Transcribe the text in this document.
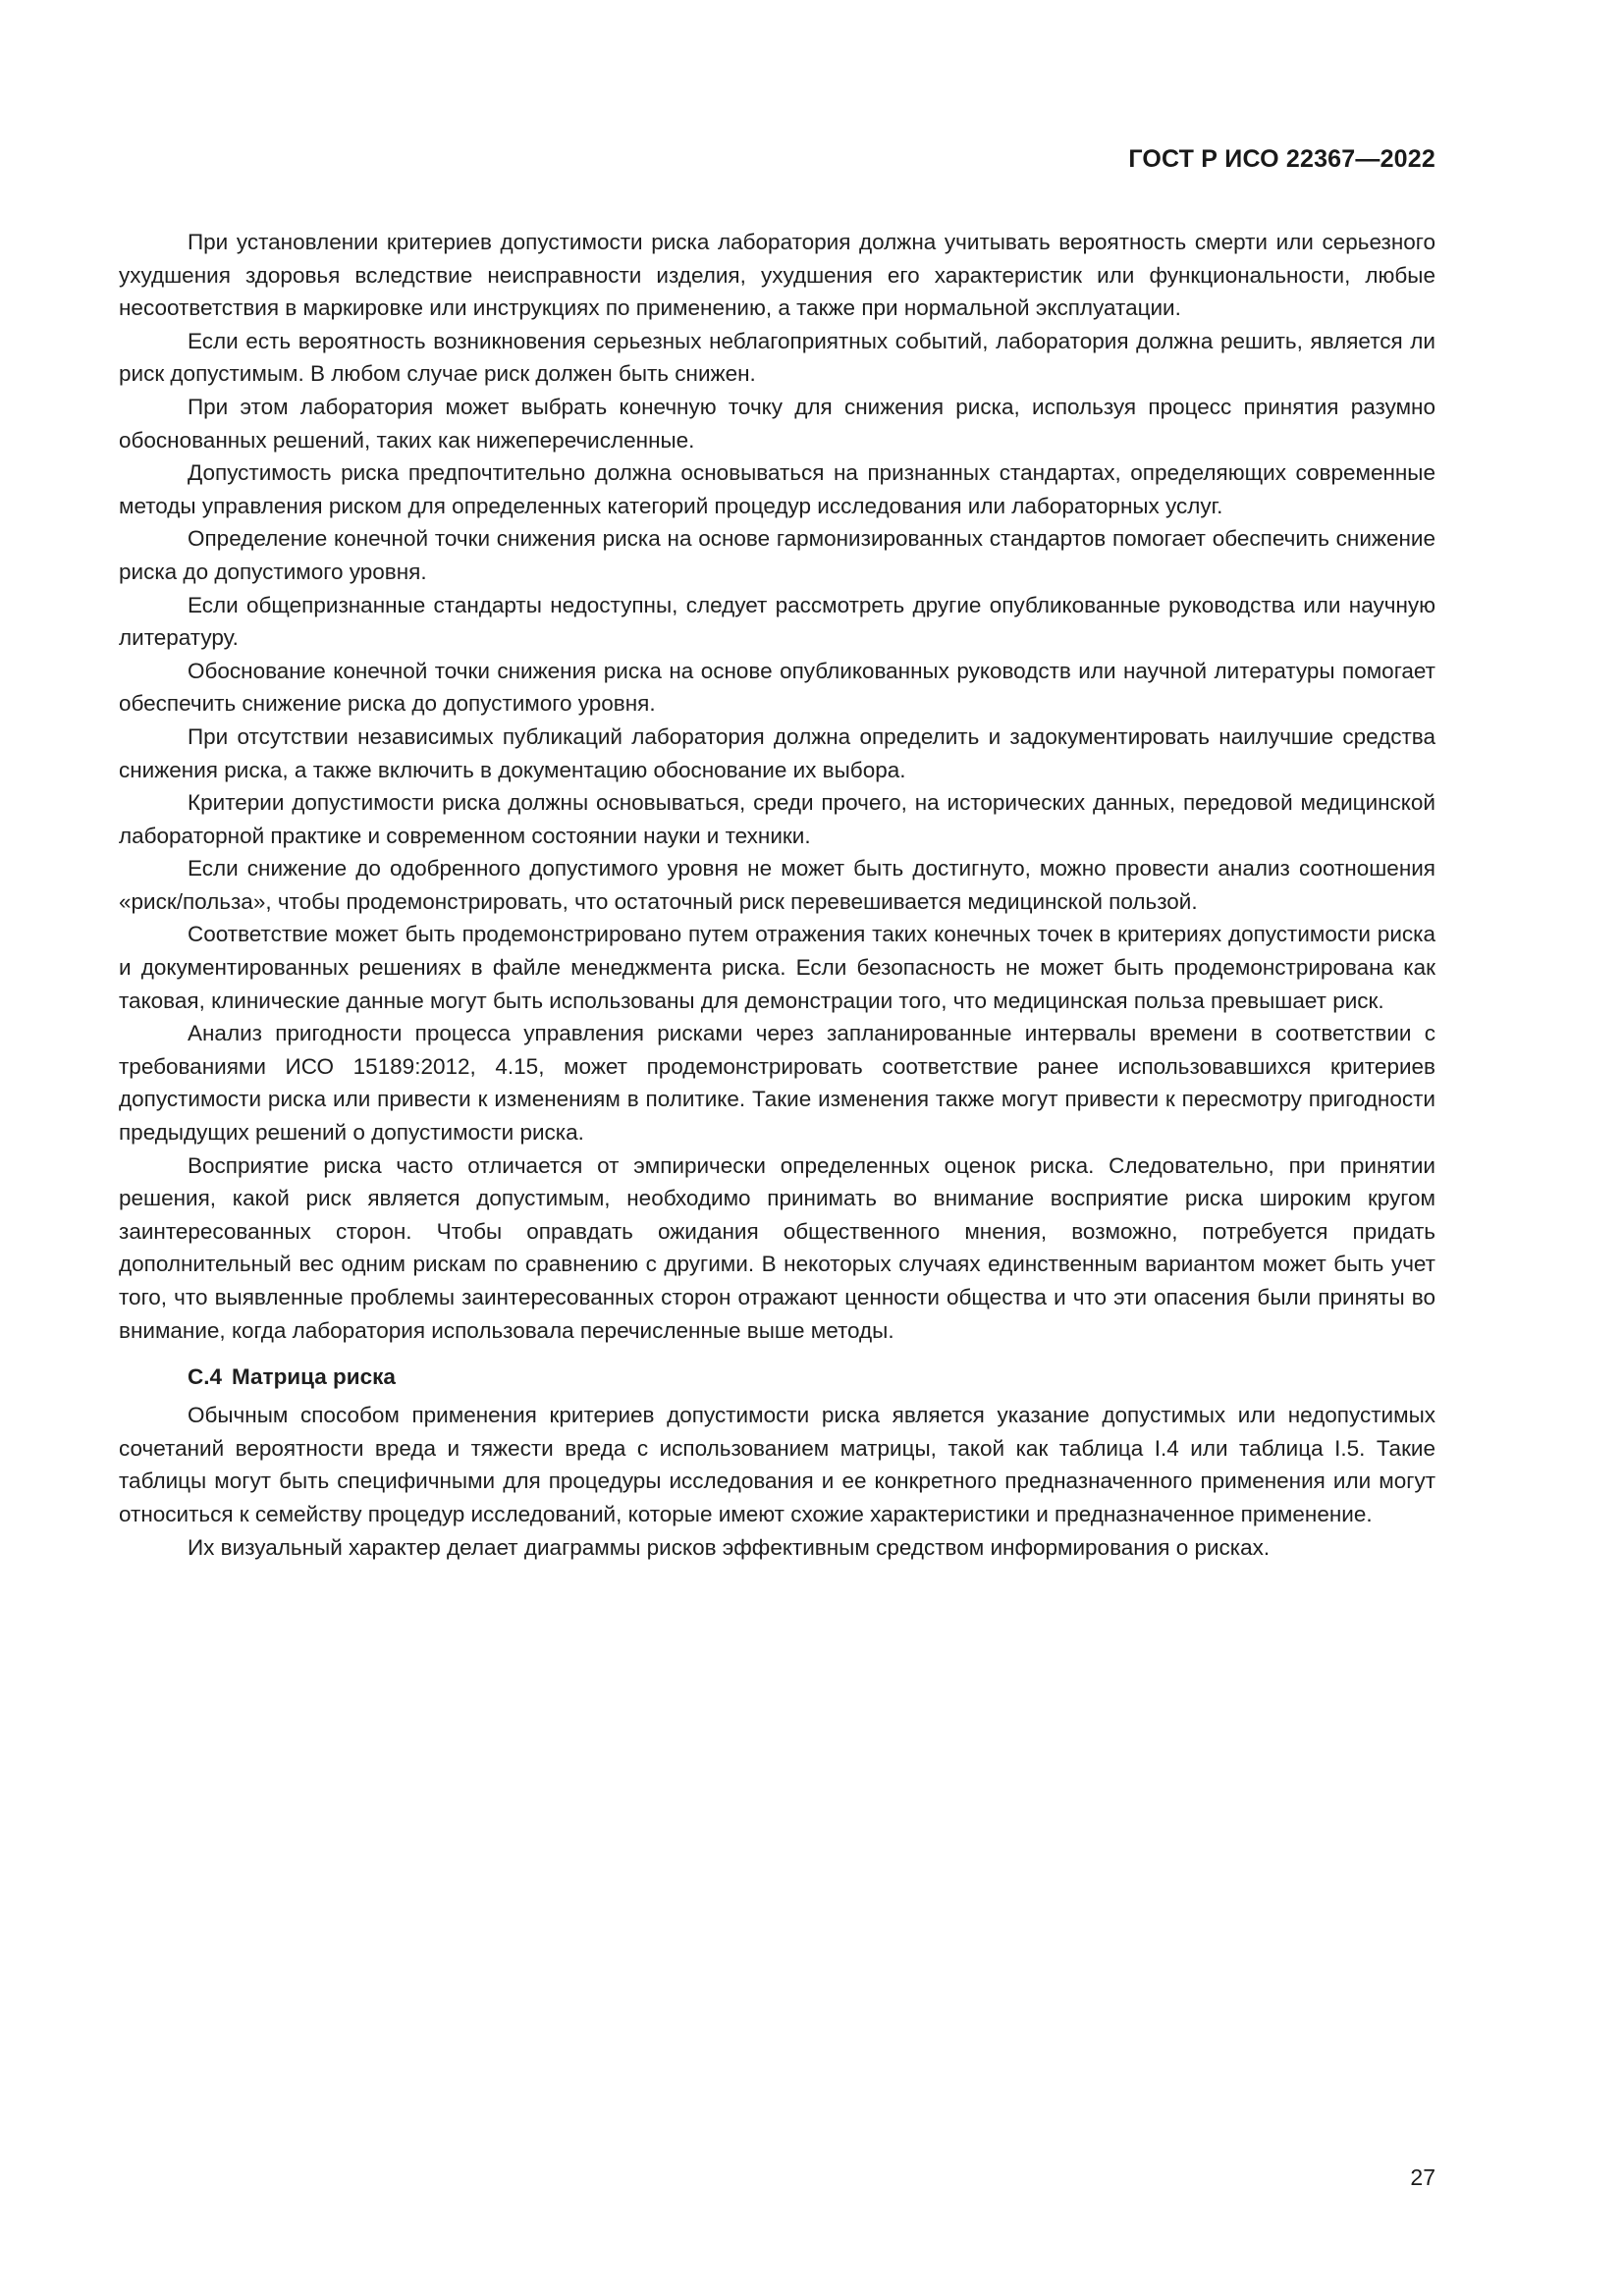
ГОСТ Р ИСО 22367—2022

При установлении критериев допустимости риска лаборатория должна учитывать вероятность смерти или серьезного ухудшения здоровья вследствие неисправности изделия, ухудшения его характеристик или функциональности, любые несоответствия в маркировке или инструкциях по применению, а также при нормальной эксплуатации.

Если есть вероятность возникновения серьезных неблагоприятных событий, лаборатория должна решить, является ли риск допустимым. В любом случае риск должен быть снижен.

При этом лаборатория может выбрать конечную точку для снижения риска, используя процесс принятия разумно обоснованных решений, таких как нижеперечисленные.

Допустимость риска предпочтительно должна основываться на признанных стандартах, определяющих современные методы управления риском для определенных категорий процедур исследования или лабораторных услуг.

Определение конечной точки снижения риска на основе гармонизированных стандартов помогает обеспечить снижение риска до допустимого уровня.

Если общепризнанные стандарты недоступны, следует рассмотреть другие опубликованные руководства или научную литературу.

Обоснование конечной точки снижения риска на основе опубликованных руководств или научной литературы помогает обеспечить снижение риска до допустимого уровня.

При отсутствии независимых публикаций лаборатория должна определить и задокументировать наилучшие средства снижения риска, а также включить в документацию обоснование их выбора.

Критерии допустимости риска должны основываться, среди прочего, на исторических данных, передовой медицинской лабораторной практике и современном состоянии науки и техники.

Если снижение до одобренного допустимого уровня не может быть достигнуто, можно провести анализ соотношения «риск/польза», чтобы продемонстрировать, что остаточный риск перевешивается медицинской пользой.

Соответствие может быть продемонстрировано путем отражения таких конечных точек в критериях допустимости риска и документированных решениях в файле менеджмента риска. Если безопасность не может быть продемонстрирована как таковая, клинические данные могут быть использованы для демонстрации того, что медицинская польза превышает риск.

Анализ пригодности процесса управления рисками через запланированные интервалы времени в соответствии с требованиями ИСО 15189:2012, 4.15, может продемонстрировать соответствие ранее использовавшихся критериев допустимости риска или привести к изменениям в политике. Такие изменения также могут привести к пересмотру пригодности предыдущих решений о допустимости риска.

Восприятие риска часто отличается от эмпирически определенных оценок риска. Следовательно, при принятии решения, какой риск является допустимым, необходимо принимать во внимание восприятие риска широким кругом заинтересованных сторон. Чтобы оправдать ожидания общественного мнения, возможно, потребуется придать дополнительный вес одним рискам по сравнению с другими. В некоторых случаях единственным вариантом может быть учет того, что выявленные проблемы заинтересованных сторон отражают ценности общества и что эти опасения были приняты во внимание, когда лаборатория использовала перечисленные выше методы.

С.4 Матрица риска

Обычным способом применения критериев допустимости риска является указание допустимых или недопустимых сочетаний вероятности вреда и тяжести вреда с использованием матрицы, такой как таблица I.4 или таблица I.5. Такие таблицы могут быть специфичными для процедуры исследования и ее конкретного предназначенного применения или могут относиться к семейству процедур исследований, которые имеют схожие характеристики и предназначенное применение.

Их визуальный характер делает диаграммы рисков эффективным средством информирования о рисках.

27
